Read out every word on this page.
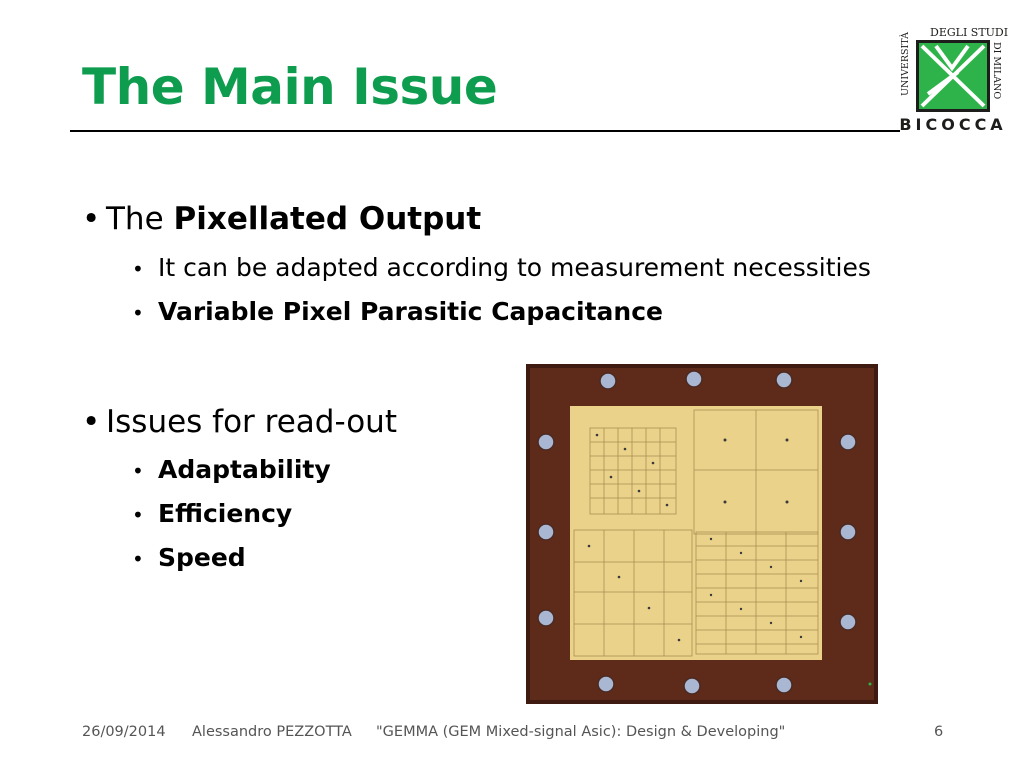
The Main Issue	UNIVERSITÀ DEGLI STUDI
DI MILANO
BICOCCA
• The Pixellated Output
• It can be adapted according to measurement necessities
• Variable Pixel Parasitic Capacitance
• Issues for read-out
• Adaptability
• Efficiency
• Speed
26/09/2014 Alessandro PEZZOTTA "GEMMA (GEM Mixed-signal Asic): Design & Developing"	6
